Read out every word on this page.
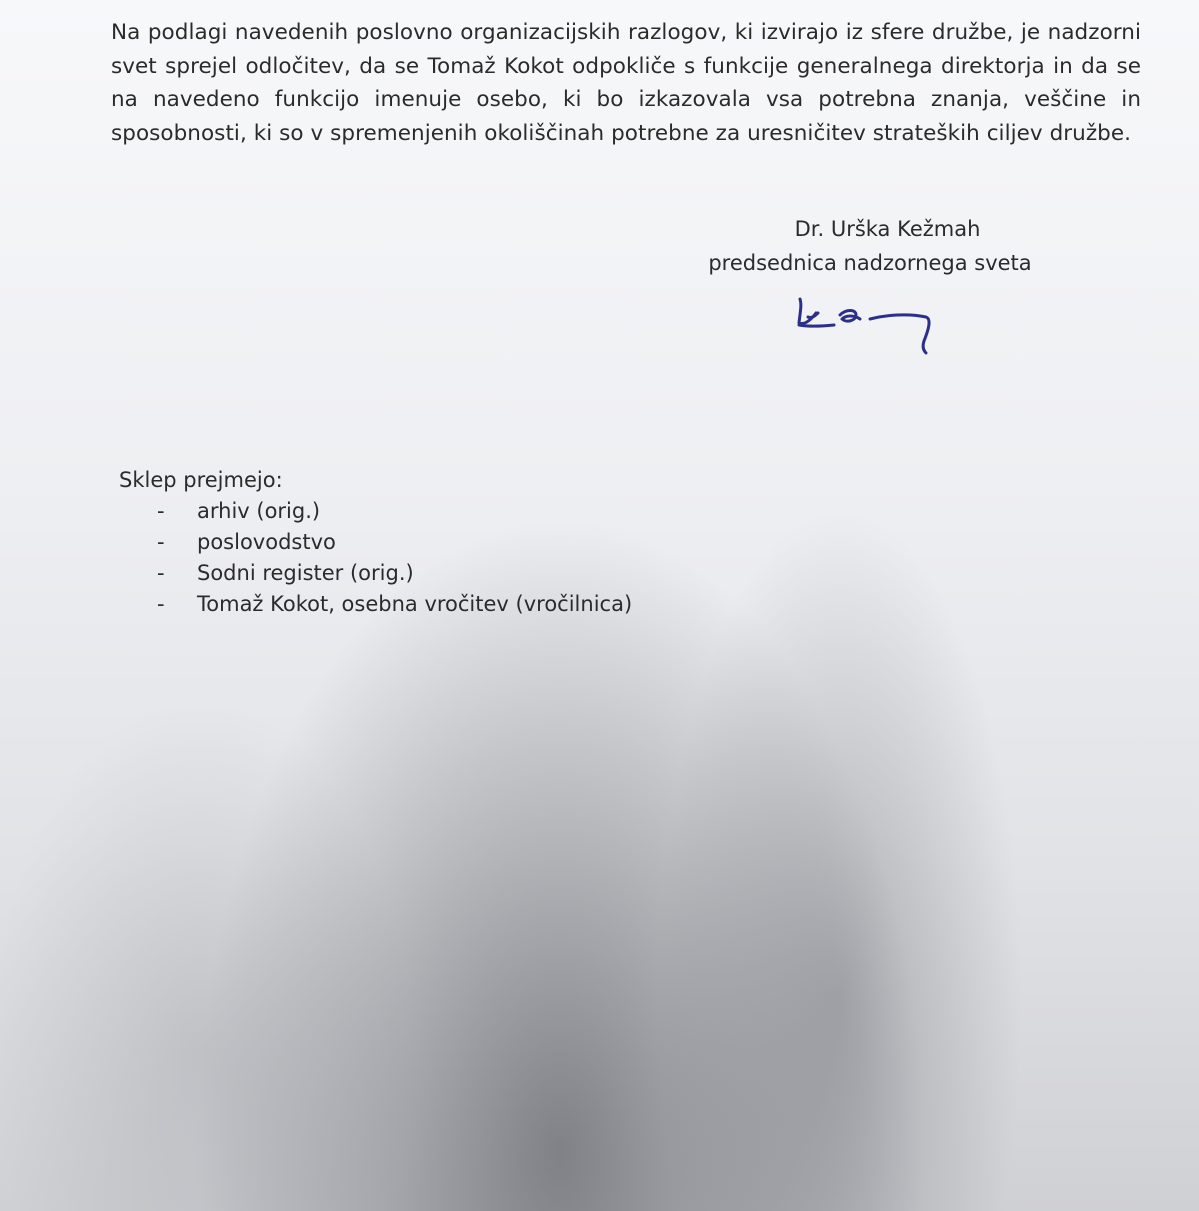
Na podlagi navedenih poslovno organizacijskih razlogov, ki izvirajo iz sfere družbe, je nadzorni svet sprejel odločitev, da se Tomaž Kokot odpokliče s funkcije generalnega direktorja in da se na navedeno funkcijo imenuje osebo, ki bo izkazovala vsa potrebna znanja, veščine in sposobnosti, ki so v spremenjenih okoliščinah potrebne za uresničitev strateških ciljev družbe.

Dr. Urška Kežmah
predsednica nadzornega sveta
Sklep prejmejo:
- arhiv (orig.)
- poslovodstvo
- Sodni register (orig.)
- Tomaž Kokot, osebna vročitev (vročilnica)
